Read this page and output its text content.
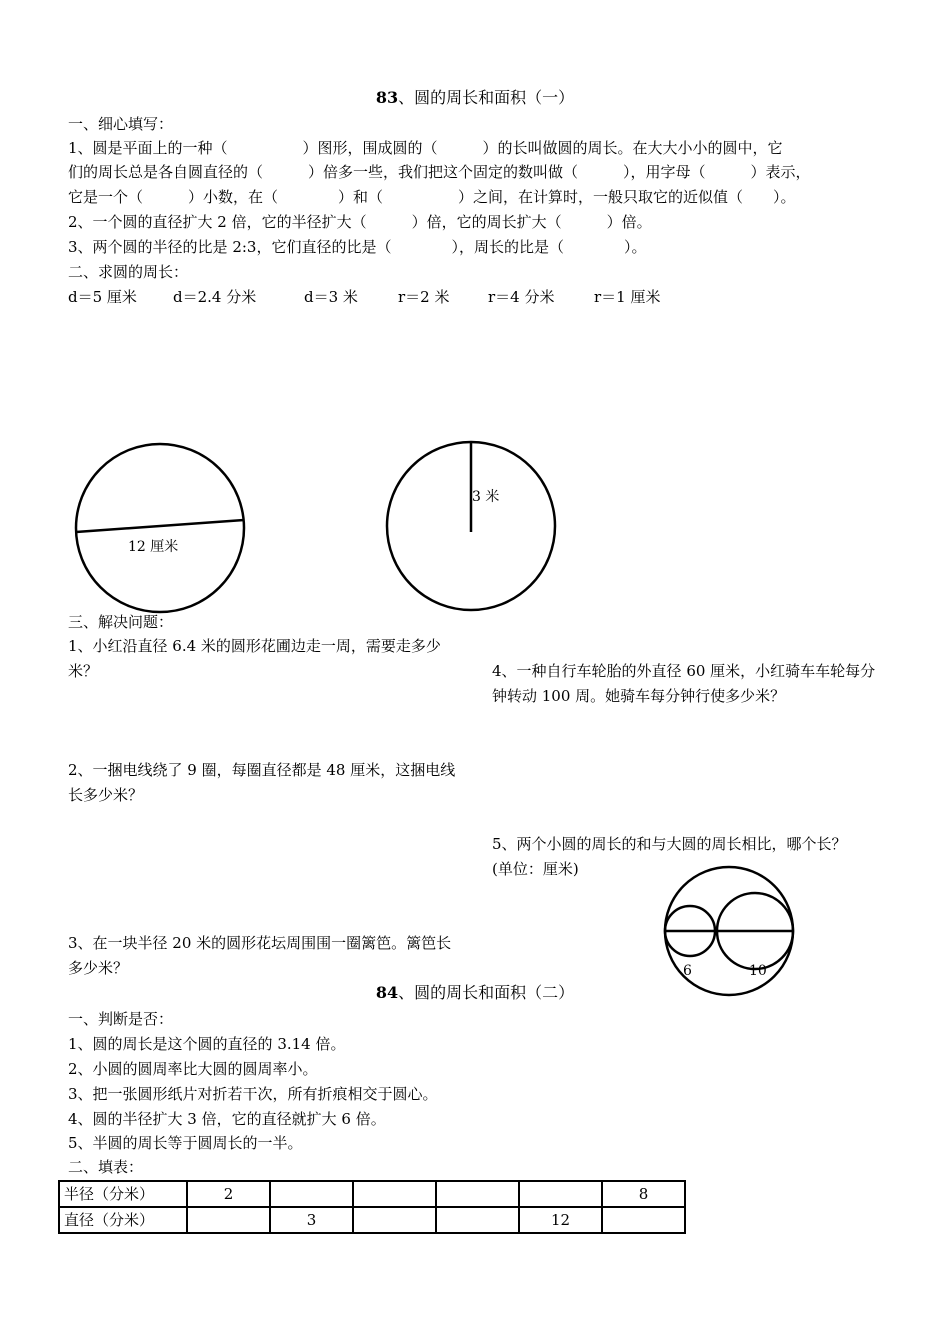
83、圆的周长和面积（一）
一、细心填写：
1、圆是平面上的一种（　　　　　）图形，围成圆的（　　　）的长叫做圆的周长。在大大小小的圆中，它
们的周长总是各自圆直径的（　　　）倍多一些，我们把这个固定的数叫做（　　　），用字母（　　　）表示，
它是一个（　　　）小数，在（　　　　）和（　　　　　）之间，在计算时，一般只取它的近似值（　　）。
2、一个圆的直径扩大 2 倍，它的半径扩大（　　　）倍，它的周长扩大（　　　）倍。
3、两个圆的半径的比是 2:3，它们直径的比是（　　　　），周长的比是（　　　　）。
二、求圆的周长：
d＝5 厘米 d＝2.4 分米	d＝3 米	r＝2 米	r＝4 分米	r＝1 厘米
12 厘米
3 米
三、解决问题：
1、小红沿直径 6.4 米的圆形花圃边走一周，需要走多少米？
2、一捆电线绕了 9 圈，每圈直径都是 48 厘米，这捆电线长多少米？
3、在一块半径 20 米的圆形花坛周围围一圈篱笆。篱笆长多少米？
4、一种自行车轮胎的外直径 60 厘米，小红骑车车轮每分钟转动 100 周。她骑车每分钟行使多少米？
5、两个小圆的周长的和与大圆的周长相比，哪个长？
(单位：厘米)
6	10
84、圆的周长和面积（二）
一、判断是否：
1、圆的周长是这个圆的直径的 3.14 倍。
2、小圆的圆周率比大圆的圆周率小。
3、把一张圆形纸片对折若干次，所有折痕相交于圆心。
4、圆的半径扩大 3 倍，它的直径就扩大 6 倍。
5、半圆的周长等于圆周长的一半。
二、填表：
半径（分米）	2					8
直径（分米）		3			12	
